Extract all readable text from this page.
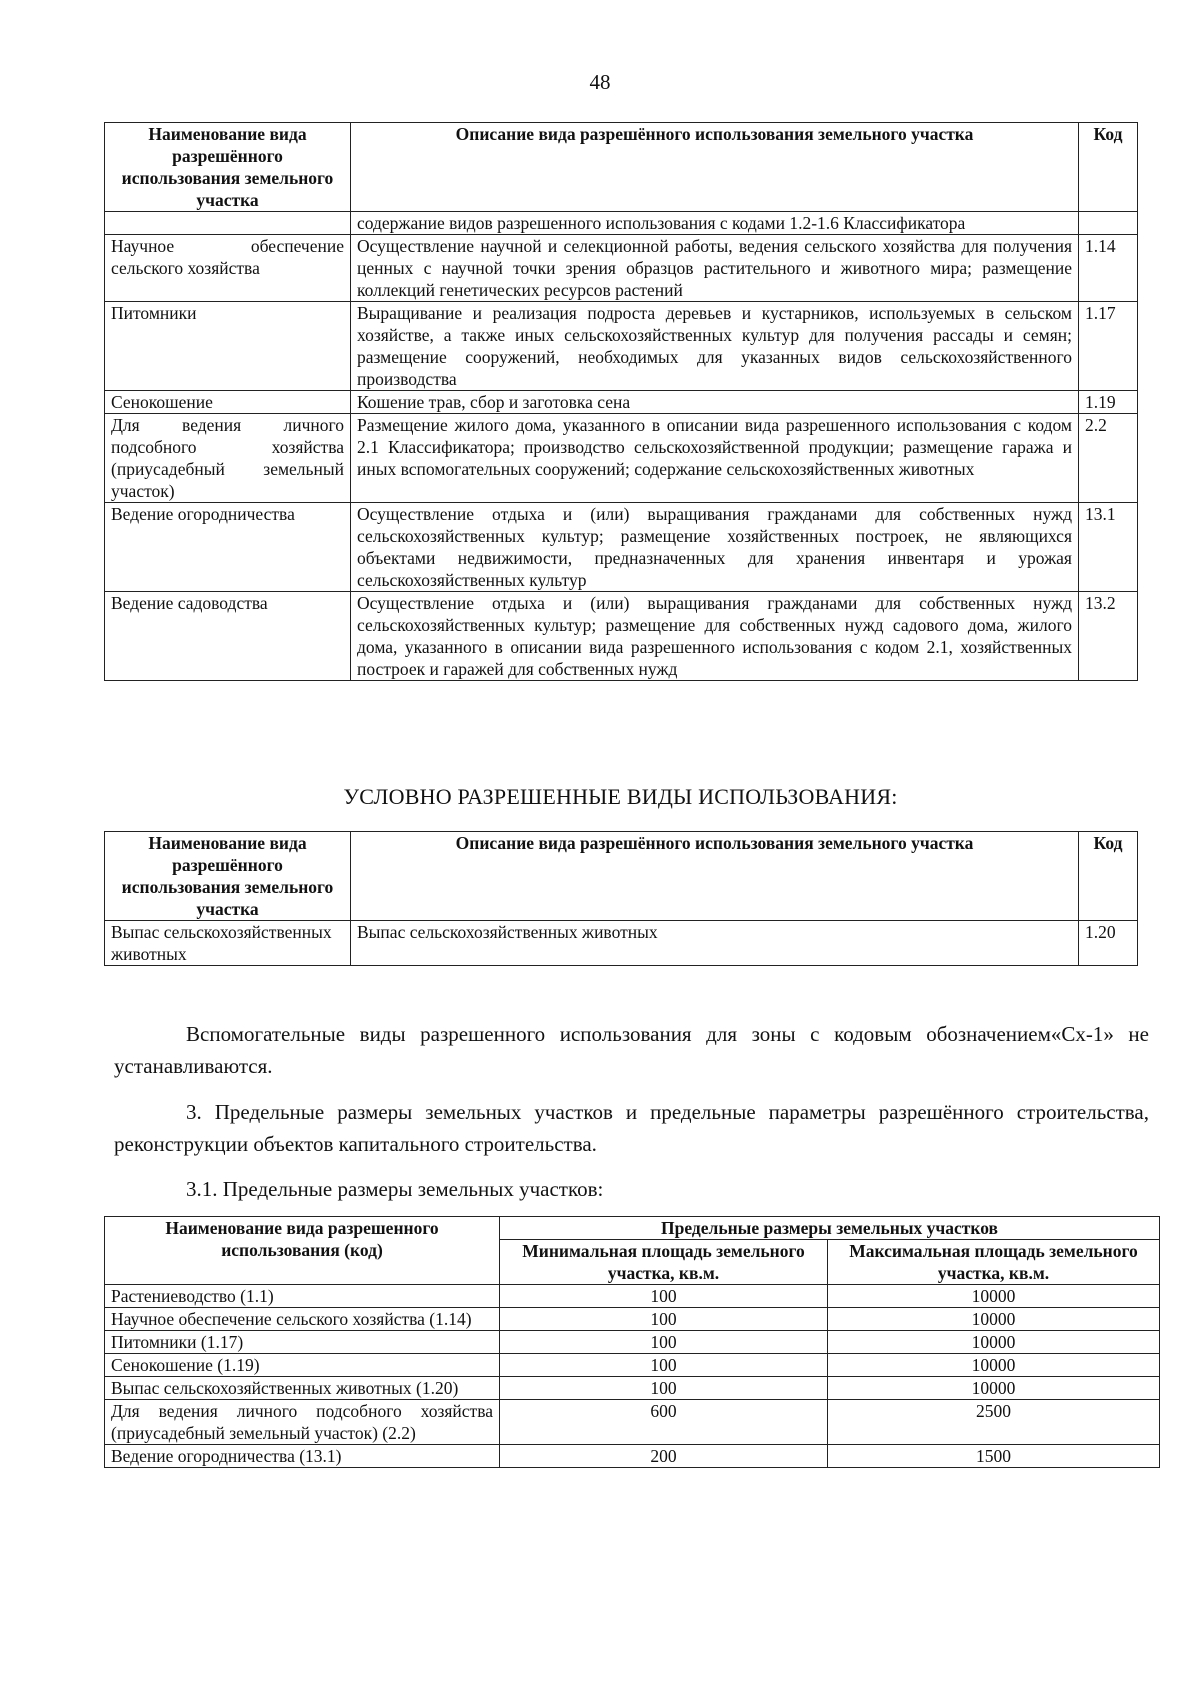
48
Наименование вида разрешённого использования земельного участка	Описание вида разрешённого использования земельного участка	Код
	содержание видов разрешенного использования с кодами 1.2-1.6 Классификатора	
Научное обеспечение сельского хозяйства	Осуществление научной и селекционной работы, ведения сельского хозяйства для получения ценных с научной точки зрения образцов растительного и животного мира; размещение коллекций генетических ресурсов растений	1.14
Питомники	Выращивание и реализация подроста деревьев и кустарников, используемых в сельском хозяйстве, а также иных сельскохозяйственных культур для получения рассады и семян; размещение сооружений, необходимых для указанных видов сельскохозяйственного производства	1.17
Сенокошение	Кошение трав, сбор и заготовка сена	1.19
Для ведения личного подсобного хозяйства (приусадебный земельный участок)	Размещение жилого дома, указанного в описании вида разрешенного использования с кодом 2.1 Классификатора; производство сельскохозяйственной продукции; размещение гаража и иных вспомогательных сооружений; содержание сельскохозяйственных животных	2.2
Ведение огородничества	Осуществление отдыха и (или) выращивания гражданами для собственных нужд сельскохозяйственных культур; размещение хозяйственных построек, не являющихся объектами недвижимости, предназначенных для хранения инвентаря и урожая сельскохозяйственных культур	13.1
Ведение садоводства	Осуществление отдыха и (или) выращивания гражданами для собственных нужд сельскохозяйственных культур; размещение для собственных нужд садового дома, жилого дома, указанного в описании вида разрешенного использования с кодом 2.1, хозяйственных построек и гаражей для собственных нужд	13.2
УСЛОВНО РАЗРЕШЕННЫЕ ВИДЫ ИСПОЛЬЗОВАНИЯ:
Наименование вида разрешённого использования земельного участка	Описание вида разрешённого использования земельного участка	Код
Выпас сельскохозяйственных животных	Выпас сельскохозяйственных животных	1.20
Вспомогательные виды разрешенного использования для зоны с кодовым обозначением«Сх-1» не устанавливаются.
3. Предельные размеры земельных участков и предельные параметры разрешённого строительства, реконструкции объектов капитального строительства.
3.1. Предельные размеры земельных участков:
Наименование вида разрешенного использования (код)	Предельные размеры земельных участков	
	Минимальная площадь земельного участка, кв.м.	Максимальная площадь земельного участка, кв.м.
Растениеводство (1.1)	100	10000
Научное обеспечение сельского хозяйства (1.14)	100	10000
Питомники (1.17)	100	10000
Сенокошение (1.19)	100	10000
Выпас сельскохозяйственных животных (1.20)	100	10000
Для ведения личного подсобного хозяйства (приусадебный земельный участок) (2.2)	600	2500
Ведение огородничества (13.1)	200	1500
